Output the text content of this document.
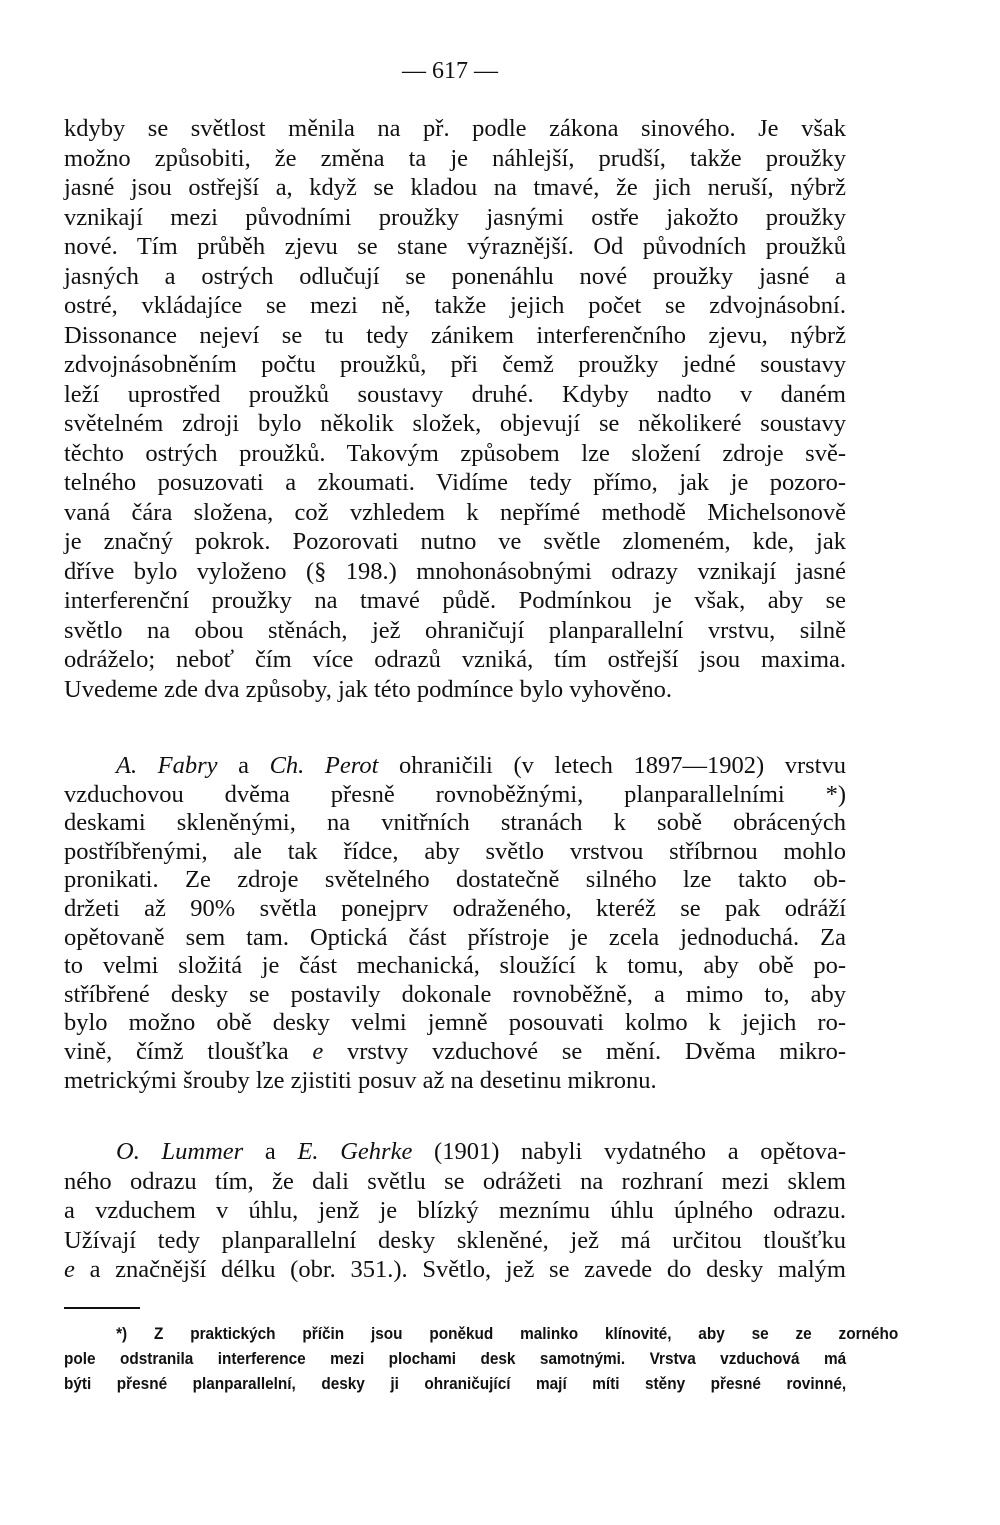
— 617 —
kdyby se světlost měnila na př. podle zákona sinového. Je však
možno způsobiti, že změna ta je náhlejší, prudší, takže proužky
jasné jsou ostřejší a, když se kladou na tmavé, že jich neruší, nýbrž
vznikají mezi původními proužky jasnými ostře jakožto proužky
nové. Tím průběh zjevu se stane výraznější. Od původních proužků
jasných a ostrých odlučují se ponenáhlu nové proužky jasné a
ostré, vkládajíce se mezi ně, takže jejich počet se zdvojnásobní.
Dissonance nejeví se tu tedy zánikem interferenčního zjevu, nýbrž
zdvojnásobněním počtu proužků, při čemž proužky jedné soustavy
leží uprostřed proužků soustavy druhé. Kdyby nadto v daném
světelném zdroji bylo několik složek, objevují se několikeré soustavy
těchto ostrých proužků. Takovým způsobem lze složení zdroje svě-
telného posuzovati a zkoumati. Vidíme tedy přímo, jak je pozoro-
vaná čára složena, což vzhledem k nepřímé methodě Michelsonově
je značný pokrok. Pozorovati nutno ve světle zlomeném, kde, jak
dříve bylo vyloženo (§ 198.) mnohonásobnými odrazy vznikají jasné
interferenční proužky na tmavé půdě. Podmínkou je však, aby se
světlo na obou stěnách, jež ohraničují planparallelní vrstvu, silně
odráželo; neboť čím více odrazů vzniká, tím ostřejší jsou maxima.
Uvedeme zde dva způsoby, jak této podmínce bylo vyhověno.
A. Fabry a Ch. Perot ohraničili (v letech 1897—1902) vrstvu
vzduchovou dvěma přesně rovnoběžnými, planparallelními *)
deskami skleněnými, na vnitřních stranách k sobě obrácených
postříbřenými, ale tak řídce, aby světlo vrstvou stříbrnou mohlo
pronikati. Ze zdroje světelného dostatečně silného lze takto ob-
držeti až 90% světla ponejprv odraženého, kteréž se pak odráží
opětovaně sem tam. Optická část přístroje je zcela jednoduchá. Za
to velmi složitá je část mechanická, sloužící k tomu, aby obě po-
stříbřené desky se postavily dokonale rovnoběžně, a mimo to, aby
bylo možno obě desky velmi jemně posouvati kolmo k jejich ro-
vině, čímž tloušťka e vrstvy vzduchové se mění. Dvěma mikro-
metrickými šrouby lze zjistiti posuv až na desetinu mikronu.
O. Lummer a E. Gehrke (1901) nabyli vydatného a opětova-
ného odrazu tím, že dali světlu se odrážeti na rozhraní mezi sklem
a vzduchem v úhlu, jenž je blízký meznímu úhlu úplného odrazu.
Užívají tedy planparallelní desky skleněné, jež má určitou tloušťku
e a značnější délku (obr. 351.). Světlo, jež se zavede do desky malým
*) Z praktických příčin jsou poněkud malinko klínovité, aby se ze zorného
pole odstranila interference mezi plochami desk samotnými. Vrstva vzduchová má
býti přesné planparallelní, desky ji ohraničující mají míti stěny přesné rovinné,
